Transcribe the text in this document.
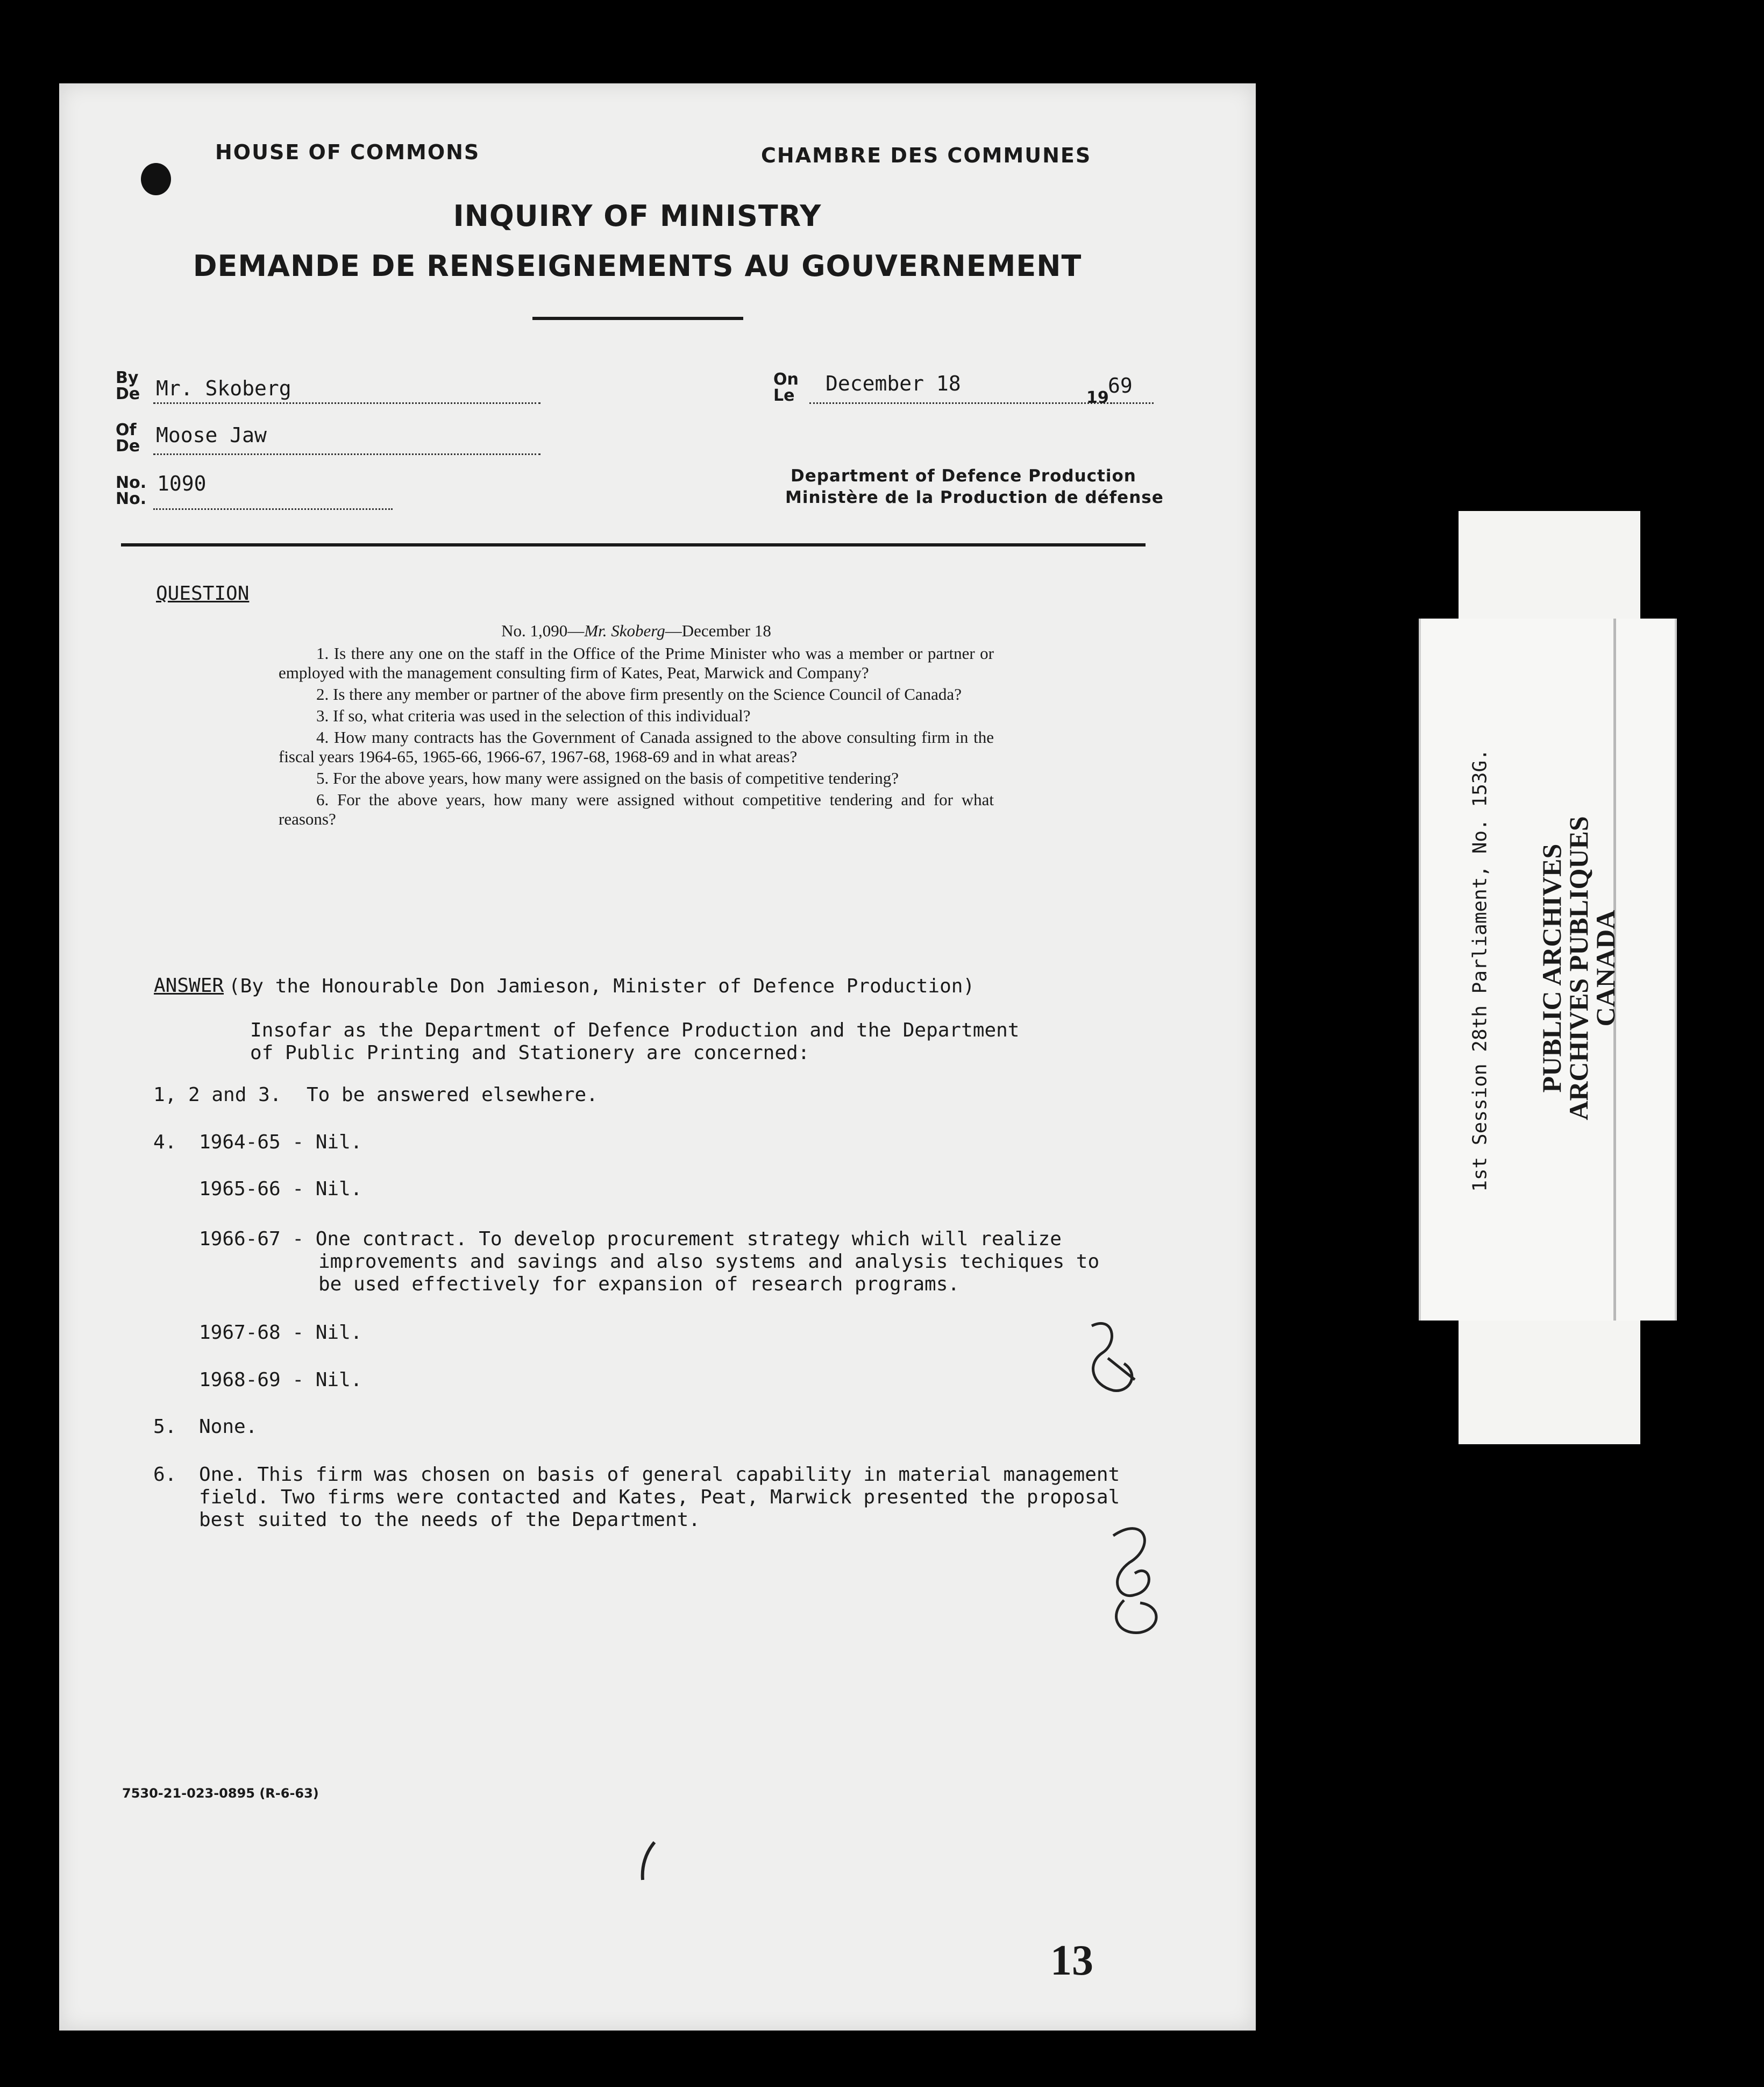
HOUSE OF COMMONS	CHAMBRE DES COMMUNES
INQUIRY OF MINISTRY
DEMANDE DE RENSEIGNEMENTS AU GOUVERNEMENT
By
De Mr. Skoberg
Of
De Moose Jaw
No.
No.
1090
On
Le
December 18
19
69
Department of Defence Production
Ministère de la Production de défense
QUESTION
No. 1,090—Mr. Skoberg—December 18

1. Is there any one on the staff in the Office of the Prime Minister who was a member or partner or employed with the management consulting firm of Kates, Peat, Marwick and Company?

2. Is there any member or partner of the above firm presently on the Science Council of Canada?

3. If so, what criteria was used in the selection of this individual?

4. How many contracts has the Government of Canada assigned to the above consulting firm in the fiscal years 1964-65, 1965-66, 1966-67, 1967-68, 1968-69 and in what areas?

5. For the above years, how many were assigned on the basis of competitive tendering?

6. For the above years, how many were assigned without competitive tendering and for what reasons?

ANSWER (By the Honourable Don Jamieson, Minister of Defence Production)
Insofar as the Department of Defence Production and the Department
of Public Printing and Stationery are concerned:
1, 2 and 3. To be answered elsewhere.
4. 1964-65 - Nil.
1965-66 - Nil.
1966-67 - One contract. To develop procurement strategy which will realize
improvements and savings and also systems and analysis techiques to
be used effectively for expansion of research programs.
1967-68 - Nil.
1968-69 - Nil.
5. None.
6. One. This firm was chosen on basis of general capability in material management
field. Two firms were contacted and Kates, Peat, Marwick presented the proposal
best suited to the needs of the Department.
7530-21-023-0895 (R-6-63)
13
1st Session 28th Parliament, No. 153G. PUBLIC ARCHIVES
ARCHIVES PUBLIQUES
CANADA
